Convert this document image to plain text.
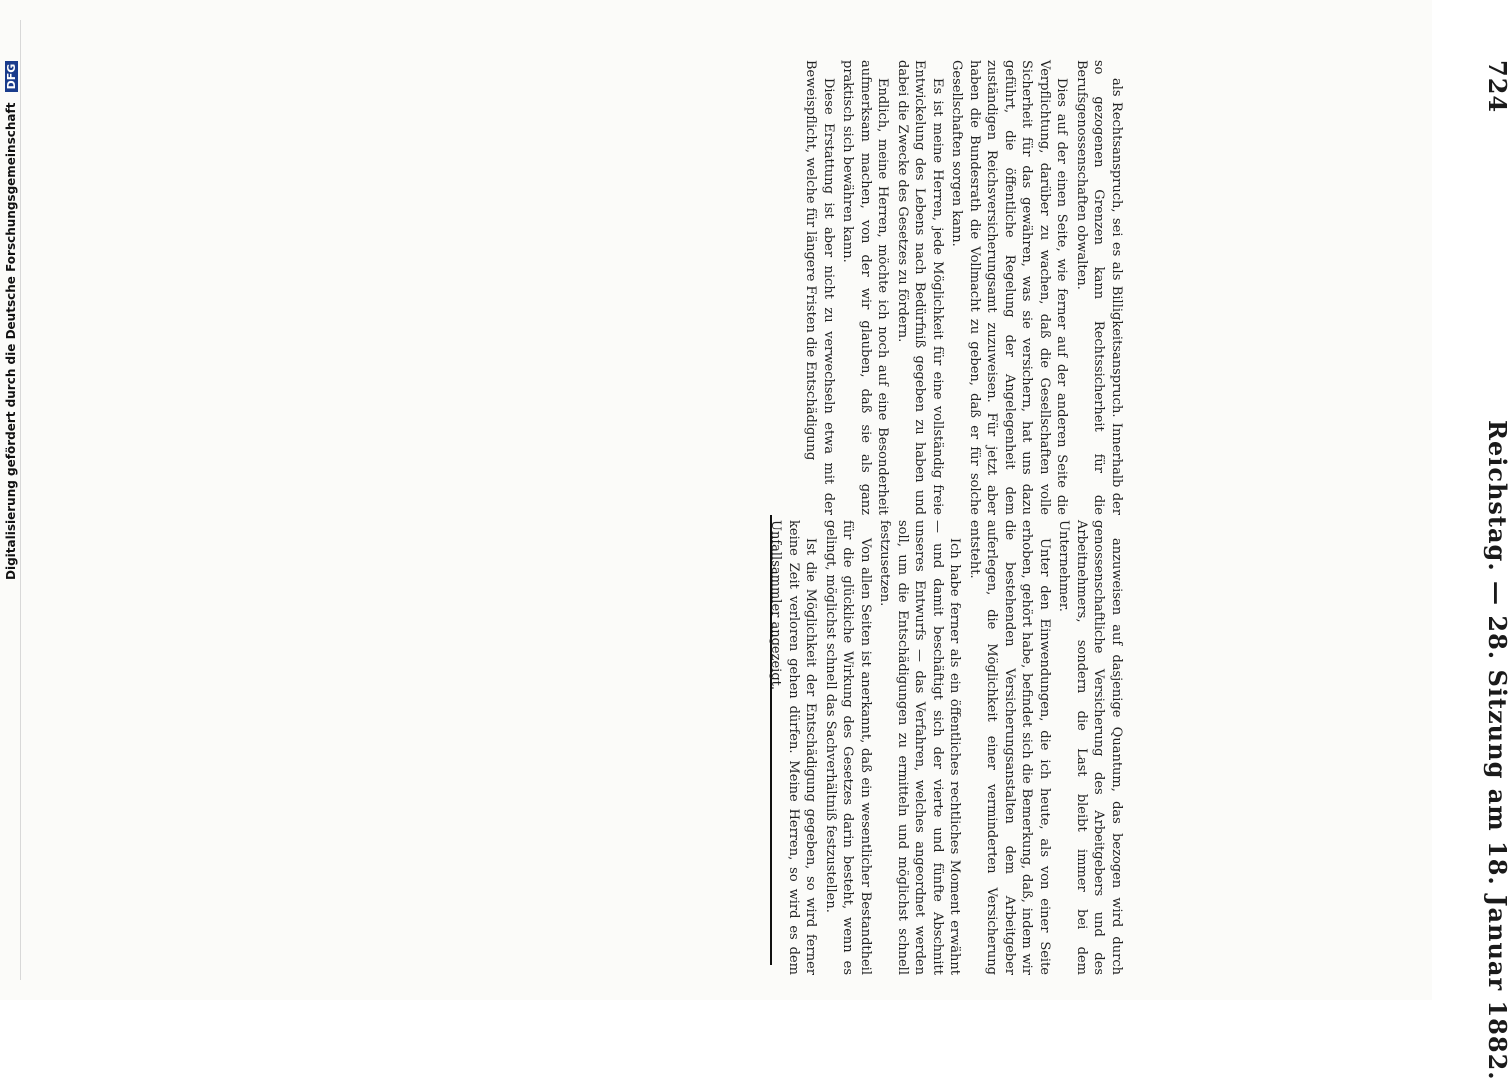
Digitalisierung gefördert durch die Deutsche Forschungsgemeinschaft DFG	724
Reichstag. — 28. Sitzung am 18. Januar 1882.

anzuweisen auf dasjenige Quantum, das bezogen wird durch genossenschaftliche Versicherung des Arbeitgebers und des Arbeitnehmers, sondern die Last bleibt immer bei dem Unternehmer.

Unter den Einwendungen, die ich heute, als von einer Seite erhoben, gehört habe, befindet sich die Bemerkung, daß, indem wir die bestehenden Versicherungsanstalten dem Arbeitgeber auferlegen, die Möglichkeit einer verminderten Versicherung entsteht.

Ich habe ferner als ein öffentliches rechtliches Moment erwähnt — und damit beschäftigt sich der vierte und fünfte Abschnitt unseres Entwurfs — das Verfahren, welches angeordnet werden soll, um die Entschädigungen zu ermitteln und möglichst schnell festzusetzen.

Von allen Seiten ist anerkannt, daß ein wesentlicher Bestandtheil für die glückliche Wirkung des Gesetzes darin besteht, wenn es gelingt, möglichst schnell das Sachverhältniß festzustellen.

Ist die Möglichkeit der Entschädigung gegeben, so wird ferner keine Zeit verloren gehen dürfen. Meine Herren, so wird es dem Unfallsammler angezeigt.

als Rechtsanspruch, sei es als Billigkeitsanspruch. Innerhalb der so gezogenen Grenzen kann Rechtssicherheit für die Berufsgenossenschaften obwalten.

Dies auf der einen Seite, wie ferner auf der anderen Seite die Verpflichtung, darüber zu wachen, daß die Gesellschaften volle Sicherheit für das gewähren, was sie versichern, hat uns dazu geführt, die öffentliche Regelung der Angelegenheit dem zuständigen Reichsversicherungsamt zuzuweisen. Für jetzt aber haben die Bundesrath die Vollmacht zu geben, daß er für solche Gesellschaften sorgen kann.

Es ist meine Herren, jede Möglichkeit für eine vollständig freie Entwickelung des Lebens nach Bedürfniß gegeben zu haben und dabei die Zwecke des Gesetzes zu fördern.

Endlich, meine Herren, möchte ich noch auf eine Besonderheit aufmerksam machen, von der wir glauben, daß sie als ganz praktisch sich bewähren kann.

Diese Erstattung ist aber nicht zu verwechseln etwa mit der Beweispflicht, welche für längere Fristen die Entschädigung
